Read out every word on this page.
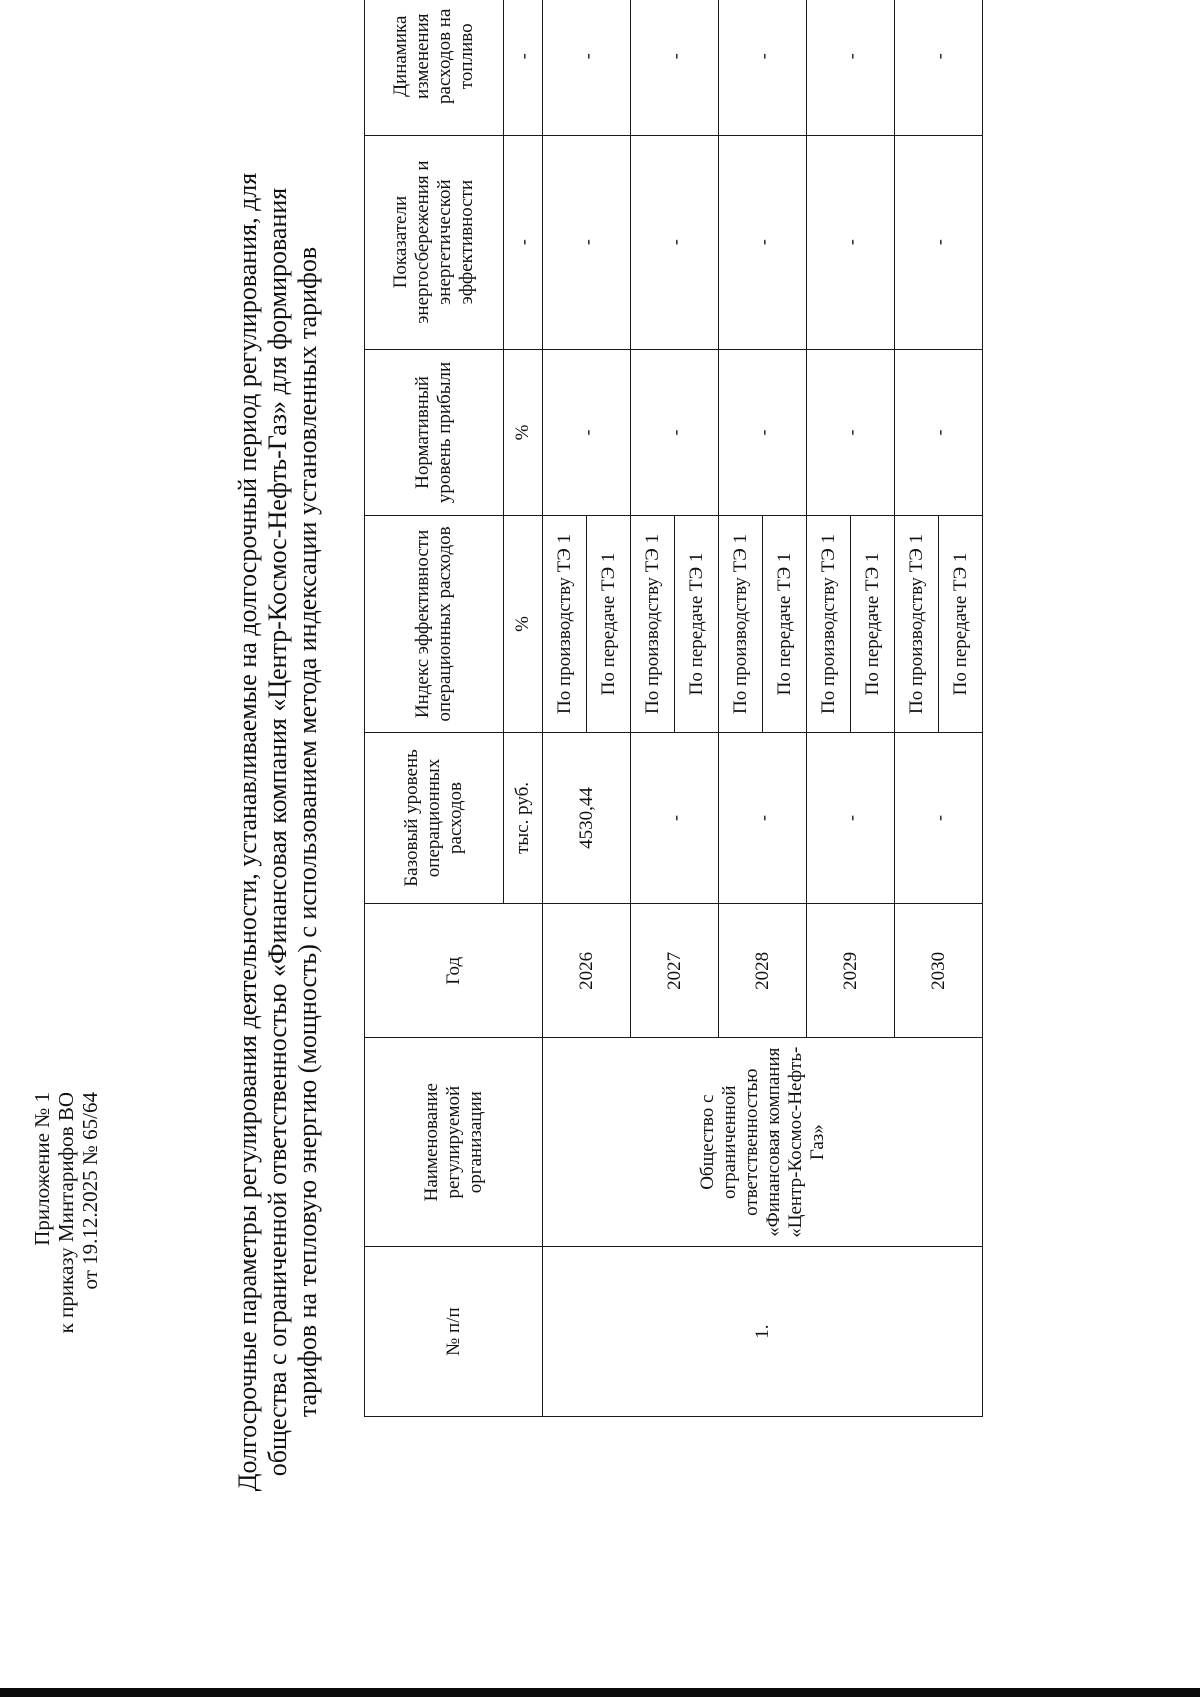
Приложение № 1 к приказу Минтарифов ВО от 19.12.2025 № 65/64	Долгосрочные параметры регулирования деятельности, устанавливаемые на долгосрочный период регулирования, для общества с ограниченной ответственностью «Финансовая компания «Центр-Космос-Нефть-Газ» для формирования тарифов на тепловую энергию (мощность) с использованием метода индексации установленных тарифов	№ п/п	Наименование регулируемой организации	Год	Базовый уровень операционных расходов	Индекс эффективности операционных расходов	Нормативный уровень прибыли	Показатели энергосбережения и энергетической эффективности	Динамика изменения расходов на топливо
			тыс. руб.	%	%	-	-
1.	Общество с ограниченной ответственностью «Финансовая компания «Центр-Космос-Нефть-Газ»	2026	4530,44	По производству ТЭ 1	-	-	-
				По передаче ТЭ 1			
		2027	-	По производству ТЭ 1	-	-	-
				По передаче ТЭ 1			
		2028	-	По производству ТЭ 1	-	-	-
				По передаче ТЭ 1			
		2029	-	По производству ТЭ 1	-	-	-
				По передаче ТЭ 1			
		2030	-	По производству ТЭ 1	-	-	-
				По передаче ТЭ 1			
